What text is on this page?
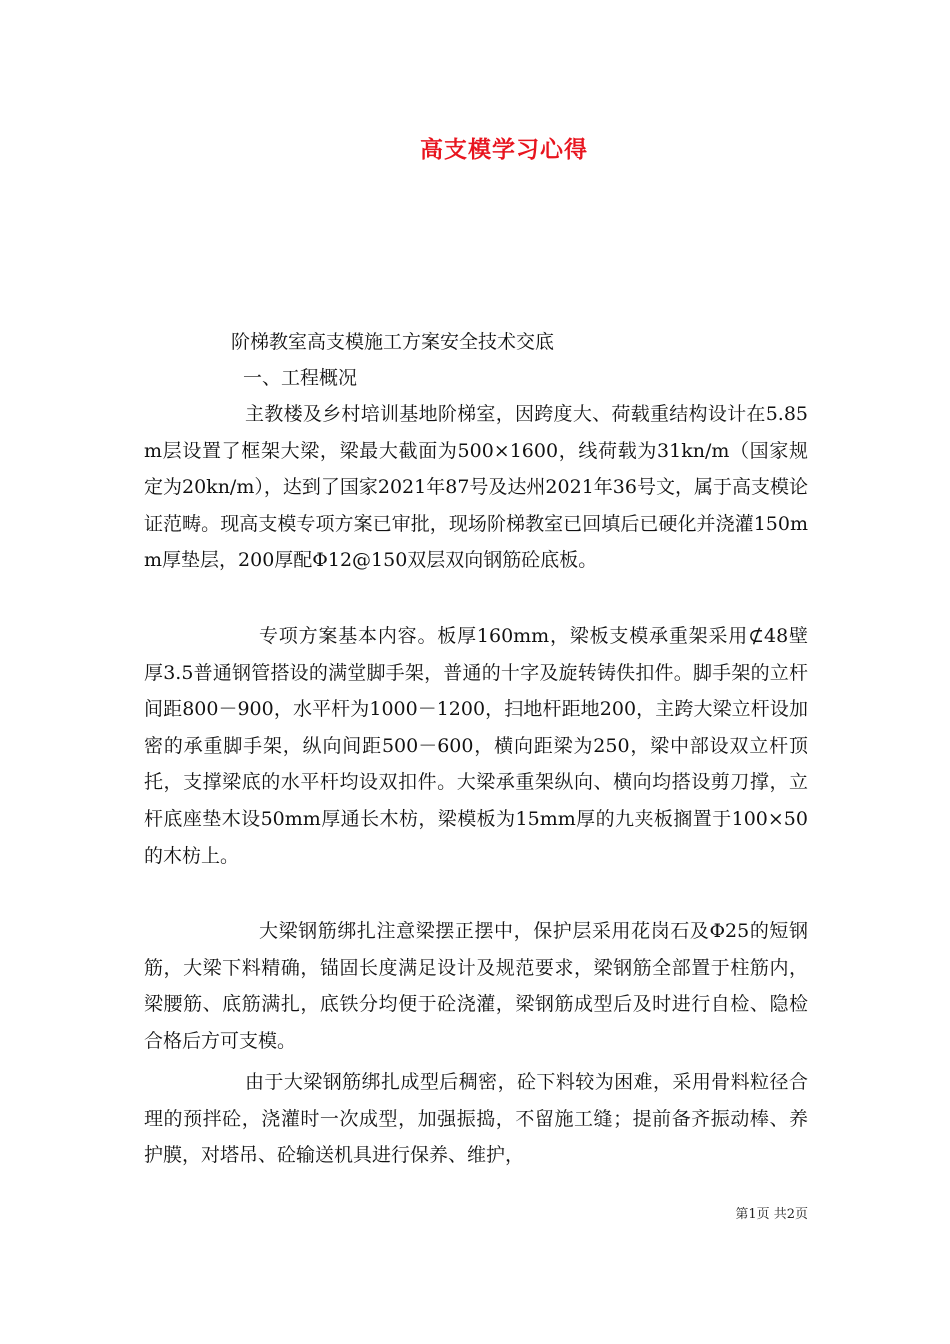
高支模学习心得
阶梯教室高支模施工方案安全技术交底
一、工程概况

主教楼及乡村培训基地阶梯室，因跨度大、荷载重结构设计在5.85m层设置了框架大梁，梁最大截面为500×1600，线荷载为31kn/m（国家规定为20kn/m），达到了国家2021年87号及达州2021年36号文，属于高支模论证范畴。现高支模专项方案已审批，现场阶梯教室已回填后已硬化并浇灌150mm厚垫层，200厚配Φ12@150双层双向钢筋砼底板。

专项方案基本内容。板厚160mm，梁板支模承重架采用⊄48壁厚3.5普通钢管搭设的满堂脚手架，普通的十字及旋转铸佚扣件。脚手架的立杆间距800－900，水平杆为1000－1200，扫地杆距地200，主跨大梁立杆设加密的承重脚手架，纵向间距500－600，横向距梁为250，梁中部设双立杆顶托，支撑梁底的水平杆均设双扣件。大梁承重架纵向、横向均搭设剪刀撑，立杆底座垫木设50mm厚通长木枋，梁模板为15mm厚的九夹板搁置于100×50的木枋上。

大梁钢筋绑扎注意梁摆正摆中，保护层采用花岗石及Φ25的短钢筋，大梁下料精确，锚固长度满足设计及规范要求，梁钢筋全部置于柱筋内，梁腰筋、底筋满扎，底铁分均便于砼浇灌，梁钢筋成型后及时进行自检、隐检合格后方可支模。

由于大梁钢筋绑扎成型后稠密，砼下料较为困难，采用骨料粒径合理的预拌砼，浇灌时一次成型，加强振捣，不留施工缝；提前备齐振动棒、养护膜，对塔吊、砼输送机具进行保养、维护，

第1页 共2页
